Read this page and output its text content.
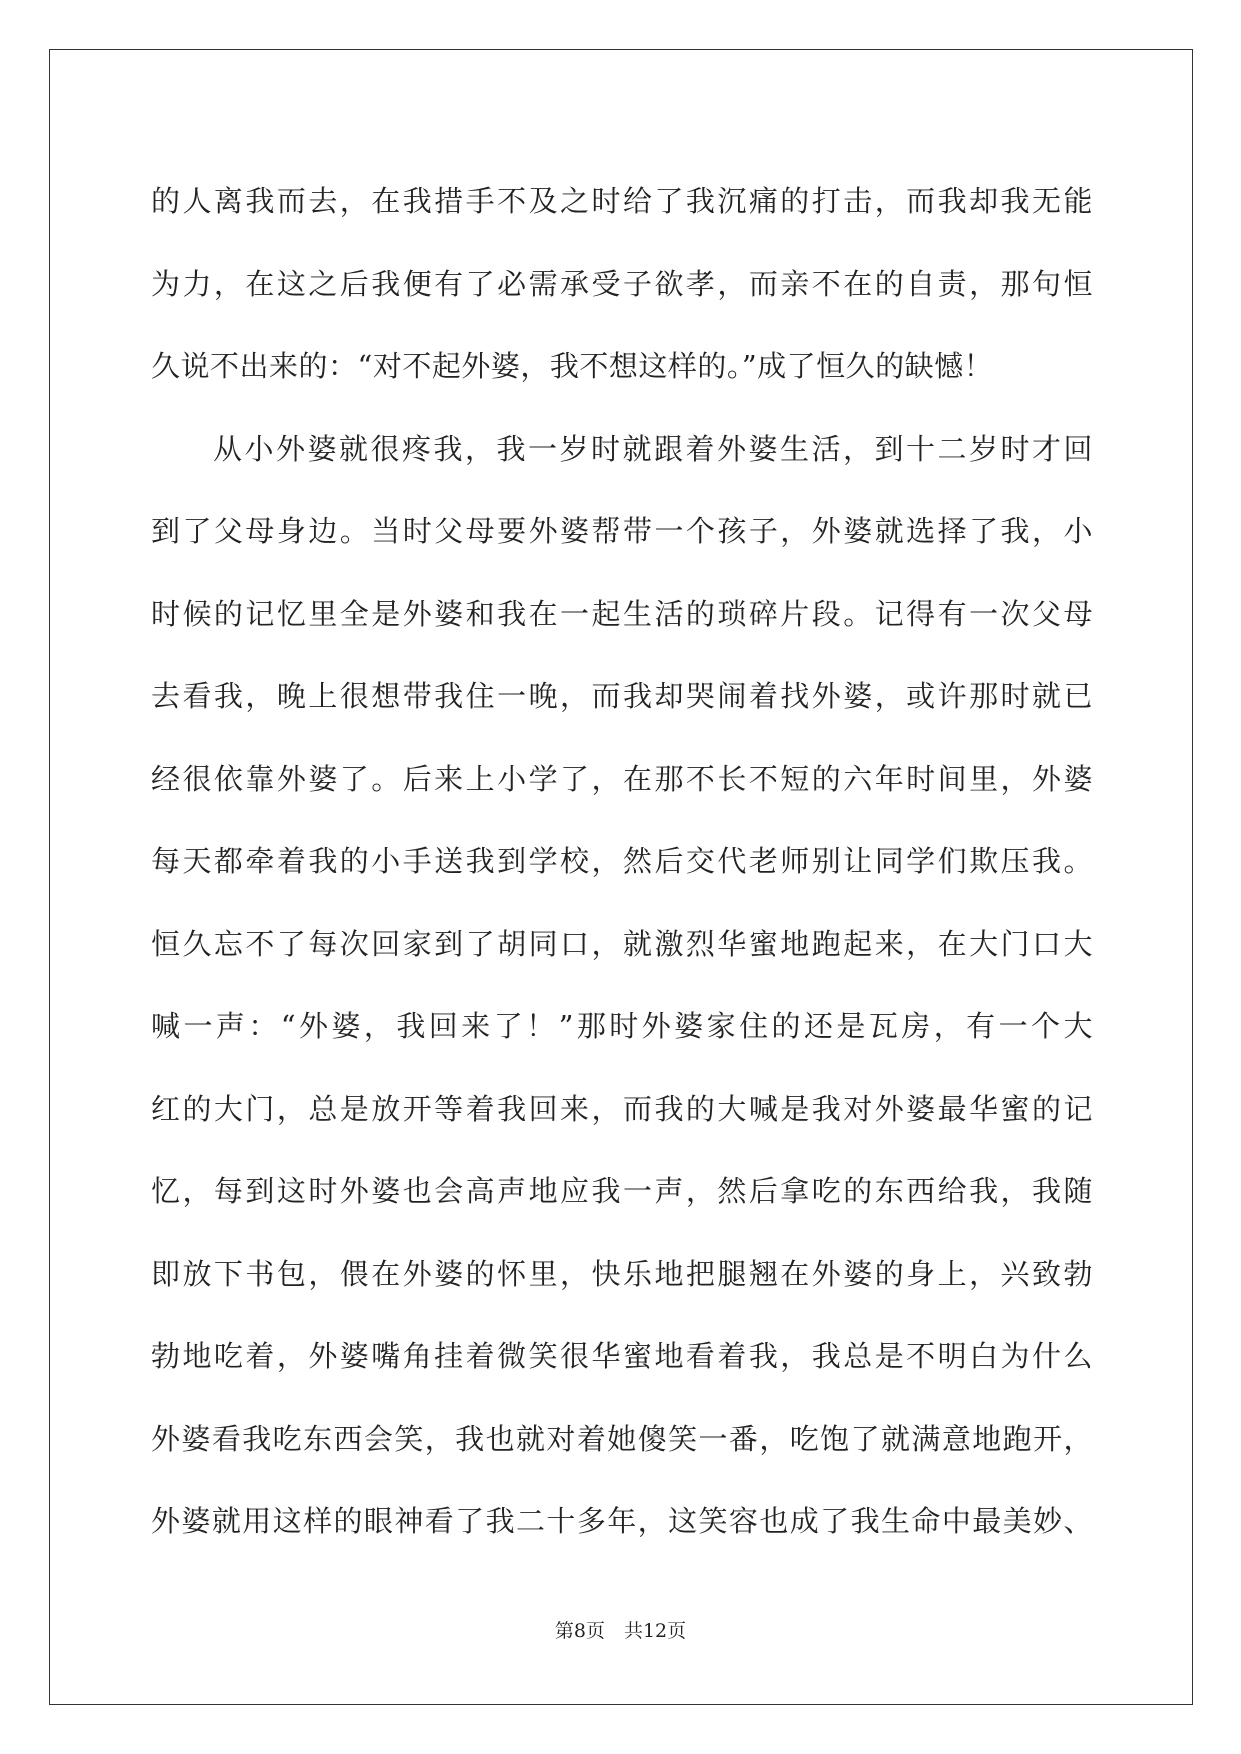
的人离我而去，在我措手不及之时给了我沉痛的打击，而我却我无能
为力，在这之后我便有了必需承受子欲孝，而亲不在的自责，那句恒
久说不出来的：“对不起外婆，我不想这样的。”成了恒久的缺憾！
从小外婆就很疼我，我一岁时就跟着外婆生活，到十二岁时才回
到了父母身边。当时父母要外婆帮带一个孩子，外婆就选择了我，小
时候的记忆里全是外婆和我在一起生活的琐碎片段。记得有一次父母
去看我，晚上很想带我住一晚，而我却哭闹着找外婆，或许那时就已
经很依靠外婆了。后来上小学了，在那不长不短的六年时间里，外婆
每天都牵着我的小手送我到学校，然后交代老师别让同学们欺压我。
恒久忘不了每次回家到了胡同口，就激烈华蜜地跑起来，在大门口大
喊一声：“外婆，我回来了！”那时外婆家住的还是瓦房，有一个大
红的大门，总是放开等着我回来，而我的大喊是我对外婆最华蜜的记
忆，每到这时外婆也会高声地应我一声，然后拿吃的东西给我，我随
即放下书包，偎在外婆的怀里，快乐地把腿翘在外婆的身上，兴致勃
勃地吃着，外婆嘴角挂着微笑很华蜜地看着我，我总是不明白为什么
外婆看我吃东西会笑，我也就对着她傻笑一番，吃饱了就满意地跑开，
外婆就用这样的眼神看了我二十多年，这笑容也成了我生命中最美妙、
第8页　共12页
